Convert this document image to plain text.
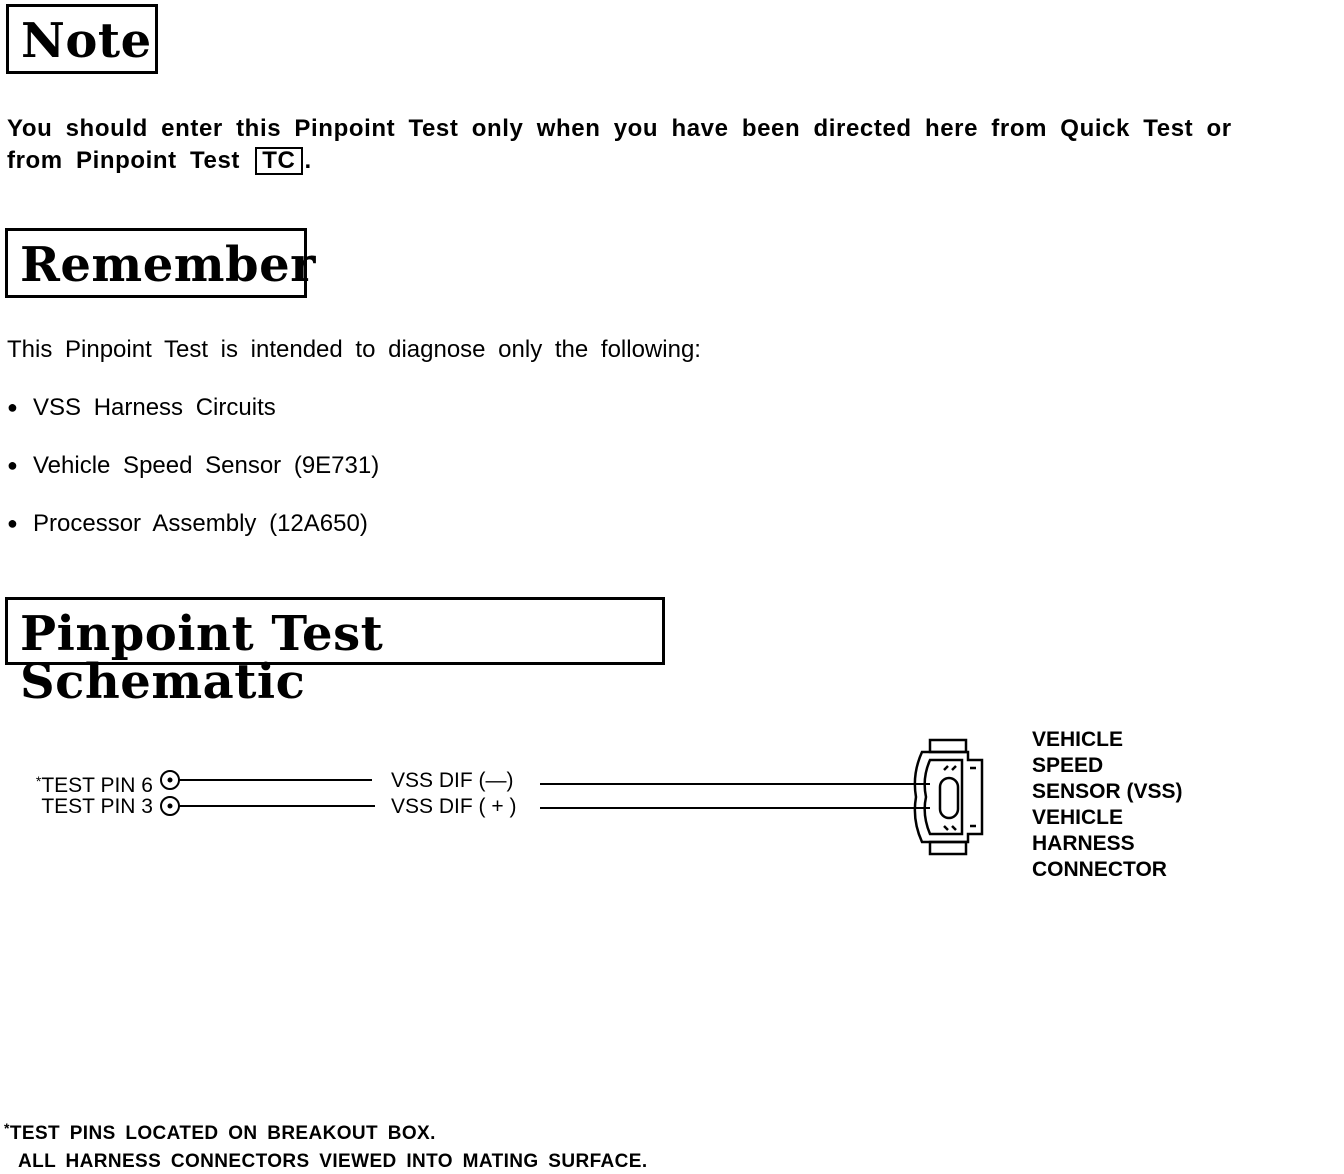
Note
You should enter this Pinpoint Test only when you have been directed here from Quick Test or from Pinpoint Test TC .
Remember
This Pinpoint Test is intended to diagnose only the following:
● VSS Harness Circuits
● Vehicle Speed Sensor (9E731)
● Processor Assembly (12A650)
Pinpoint Test Schematic
*TEST PIN 6
TEST PIN 3
VSS DIF (—)
VSS DIF ( + )
VEHICLE
SPEED
SENSOR (VSS)
VEHICLE
HARNESS
CONNECTOR
*TEST PINS LOCATED ON BREAKOUT BOX.
ALL HARNESS CONNECTORS VIEWED INTO MATING SURFACE.
